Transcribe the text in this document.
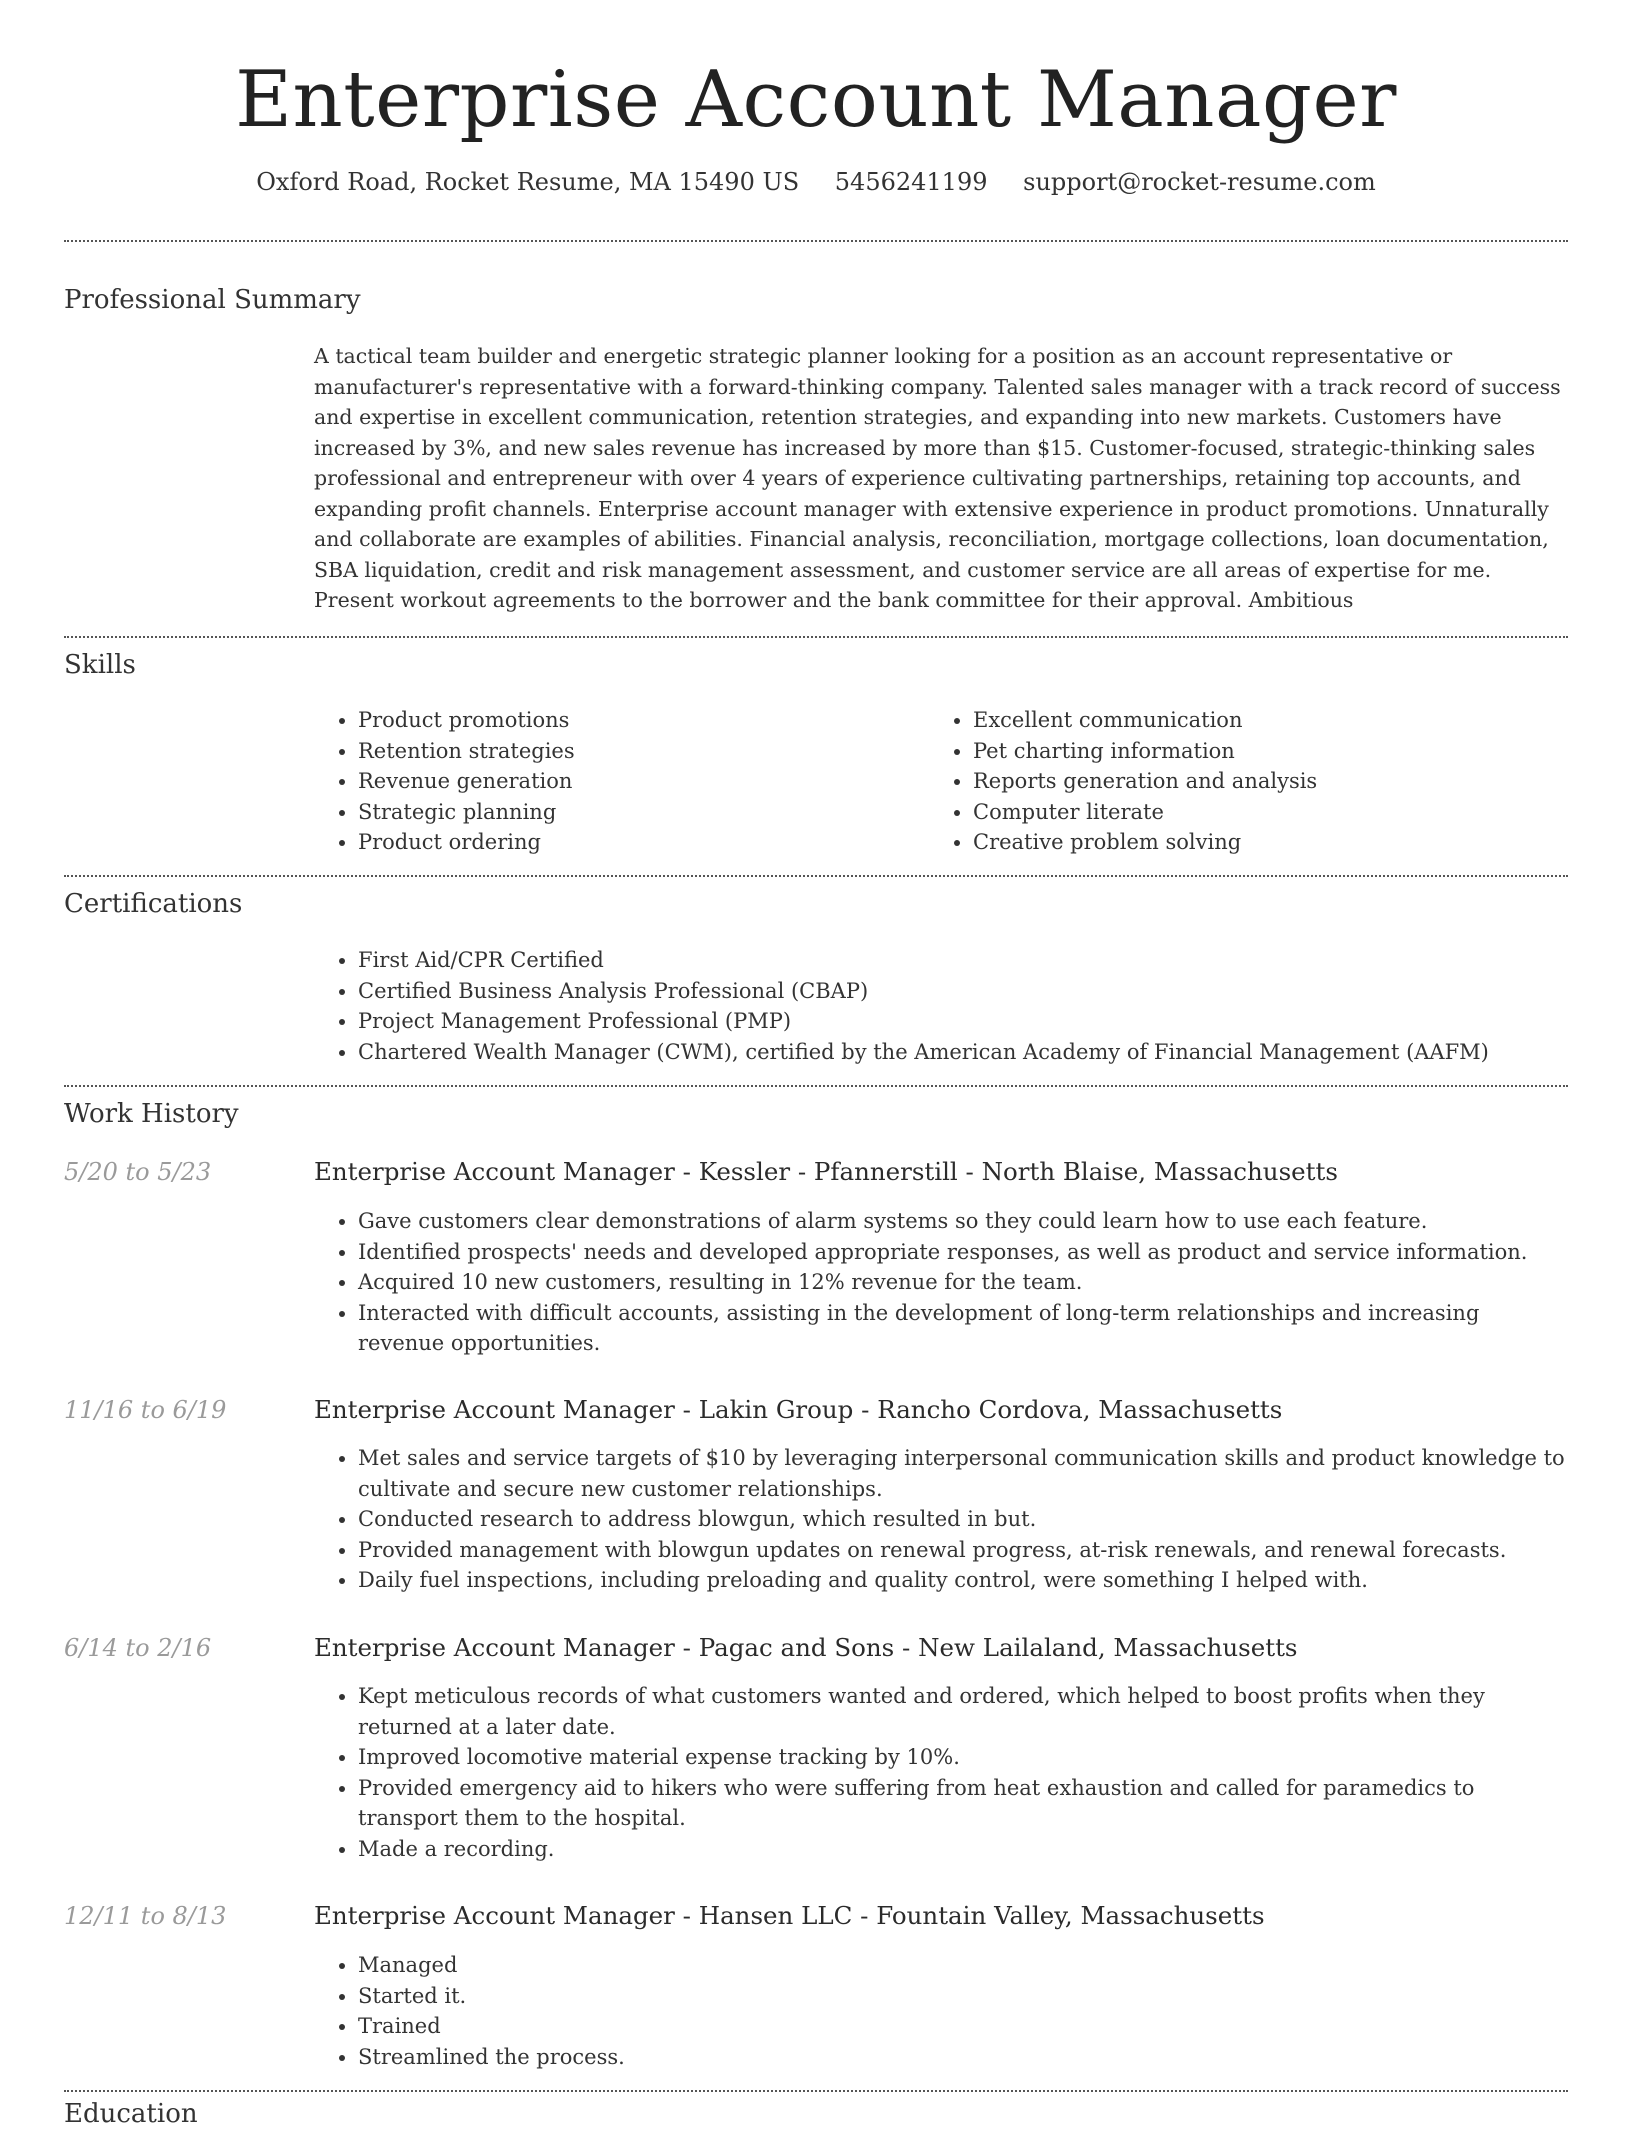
Enterprise Account Manager
Oxford Road, Rocket Resume, MA 15490 US 5456241199 support@rocket-resume.com
Professional Summary

A tactical team builder and energetic strategic planner looking for a position as an account representative or manufacturer's representative with a forward-thinking company. Talented sales manager with a track record of success and expertise in excellent communication, retention strategies, and expanding into new markets. Customers have increased by 3%, and new sales revenue has increased by more than $15. Customer-focused, strategic-thinking sales professional and entrepreneur with over 4 years of experience cultivating partnerships, retaining top accounts, and expanding profit channels. Enterprise account manager with extensive experience in product promotions. Unnaturally and collaborate are examples of abilities. Financial analysis, reconciliation, mortgage collections, loan documentation, SBA liquidation, credit and risk management assessment, and customer service are all areas of expertise for me. Present workout agreements to the borrower and the bank committee for their approval. Ambitious

Skills
• Product promotions
• Retention strategies
• Revenue generation
• Strategic planning
• Product ordering
• Excellent communication
• Pet charting information
• Reports generation and analysis
• Computer literate
• Creative problem solving
Certifications
• First Aid/CPR Certified
• Certified Business Analysis Professional (CBAP)
• Project Management Professional (PMP)
• Chartered Wealth Manager (CWM), certified by the American Academy of Financial Management (AAFM)
Work History
5/20 to 5/23	Enterprise Account Manager - Kessler - Pfannerstill - North Blaise, Massachusetts
• Gave customers clear demonstrations of alarm systems so they could learn how to use each feature.
• Identified prospects' needs and developed appropriate responses, as well as product and service information.
• Acquired 10 new customers, resulting in 12% revenue for the team.
• Interacted with difficult accounts, assisting in the development of long-term relationships and increasing revenue opportunities.
11/16 to 6/19	Enterprise Account Manager - Lakin Group - Rancho Cordova, Massachusetts
• Met sales and service targets of $10 by leveraging interpersonal communication skills and product knowledge to cultivate and secure new customer relationships.
• Conducted research to address blowgun, which resulted in but.
• Provided management with blowgun updates on renewal progress, at-risk renewals, and renewal forecasts.
• Daily fuel inspections, including preloading and quality control, were something I helped with.
6/14 to 2/16	Enterprise Account Manager - Pagac and Sons - New Lailaland, Massachusetts
• Kept meticulous records of what customers wanted and ordered, which helped to boost profits when they returned at a later date.
• Improved locomotive material expense tracking by 10%.
• Provided emergency aid to hikers who were suffering from heat exhaustion and called for paramedics to transport them to the hospital.
• Made a recording.
12/11 to 8/13	Enterprise Account Manager - Hansen LLC - Fountain Valley, Massachusetts
• Managed
• Started it.
• Trained
• Streamlined the process.
Education
